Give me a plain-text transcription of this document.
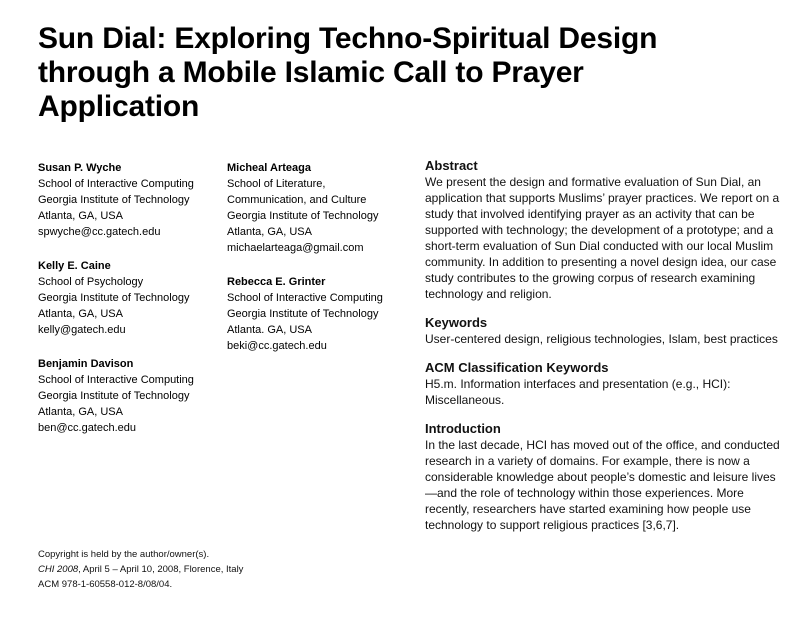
Sun Dial: Exploring Techno-Spiritual Design
through a Mobile Islamic Call to Prayer
Application
Susan P. Wyche
School of Interactive Computing
Georgia Institute of Technology
Atlanta, GA, USA
spwyche@cc.gatech.edu
Kelly E. Caine
School of Psychology
Georgia Institute of Technology
Atlanta, GA, USA
kelly@gatech.edu
Benjamin Davison
School of Interactive Computing
Georgia Institute of Technology
Atlanta, GA, USA
ben@cc.gatech.edu
Micheal Arteaga
School of Literature,
Communication, and Culture
Georgia Institute of Technology
Atlanta, GA, USA
michaelarteaga@gmail.com
Rebecca E. Grinter
School of Interactive Computing
Georgia Institute of Technology
Atlanta. GA, USA
beki@cc.gatech.edu
Abstract

We present the design and formative evaluation of Sun Dial, an application that supports Muslims’ prayer practices. We report on a study that involved identifying prayer as an activity that can be supported with technology; the development of a prototype; and a short-term evaluation of Sun Dial conducted with our local Muslim community. In addition to presenting a novel design idea, our case study contributes to the growing corpus of research examining technology and religion.

Keywords

User-centered design, religious technologies, Islam, best practices

ACM Classification Keywords

H5.m. Information interfaces and presentation (e.g., HCI): Miscellaneous.

Introduction

In the last decade, HCI has moved out of the office, and conducted research in a variety of domains. For example, there is now a considerable knowledge about people’s domestic and leisure lives—and the role of technology within those experiences. More recently, researchers have started examining how people use technology to support religious practices [3,6,7].

Copyright is held by the author/owner(s).
CHI 2008, April 5 – April 10, 2008, Florence, Italy
ACM 978-1-60558-012-8/08/04.
